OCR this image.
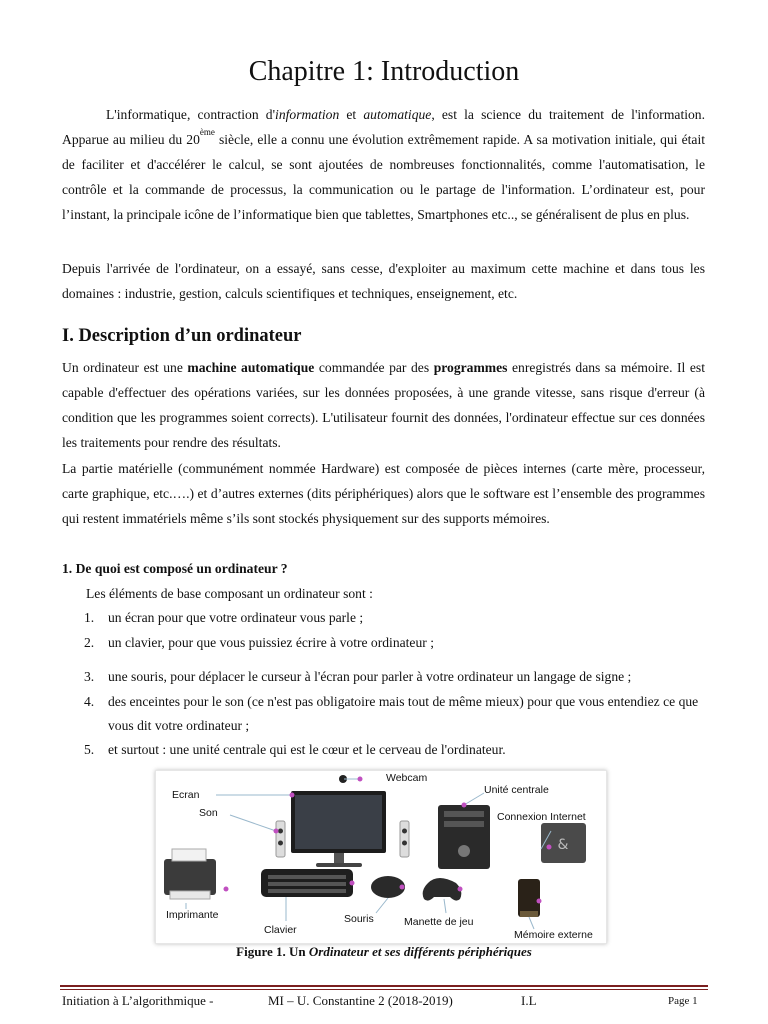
Chapitre 1: Introduction
L'informatique, contraction d'information et automatique, est la science du traitement de l'information. Apparue au milieu du 20ème siècle, elle a connu une évolution extrêmement rapide. A sa motivation initiale, qui était de faciliter et d'accélérer le calcul, se sont ajoutées de nombreuses fonctionnalités, comme l'automatisation, le contrôle et la commande de processus, la communication ou le partage de l'information. L’ordinateur est, pour l’instant, la principale icône de l’informatique bien que tablettes, Smartphones etc.., se généralisent de plus en plus.
Depuis l'arrivée de l'ordinateur, on a essayé, sans cesse, d'exploiter au maximum cette machine et dans tous les domaines : industrie, gestion, calculs scientifiques et techniques, enseignement, etc.
I. Description d’un ordinateur
Un ordinateur est une machine automatique commandée par des programmes enregistrés dans sa mémoire. Il est capable d'effectuer des opérations variées, sur les données proposées, à une grande vitesse, sans risque d'erreur (à condition que les programmes soient corrects). L'utilisateur fournit des données, l'ordinateur effectue sur ces données les traitements pour rendre des résultats.
La partie matérielle (communément nommée Hardware) est composée de pièces internes (carte mère, processeur, carte graphique, etc.….) et d’autres externes (dits périphériques) alors que le software est l’ensemble des programmes qui restent immatériels même s’ils sont stockés physiquement sur des supports mémoires.
1. De quoi est composé un ordinateur ?
Les éléments de base composant un ordinateur sont :
1.	un écran pour que votre ordinateur vous parle ;
2.	un clavier, pour que vous puissiez écrire à votre ordinateur ;
3.	une souris, pour déplacer le curseur à l'écran pour parler à votre ordinateur un langage de signe ;
4.	des enceintes pour le son (ce n'est pas obligatoire mais tout de même mieux) pour que vous entendiez ce que vous dit votre ordinateur ;
5.	et surtout : une unité centrale qui est le cœur et le cerveau de l'ordinateur.
&
Ecran
Son
Webcam
Unité centrale
Connexion Internet
Imprimante
Clavier
Souris	Manette de jeu
Mémoire externe
Figure 1. Un Ordinateur et ses différents périphériques
Initiation à L’algorithmique -	MI – U. Constantine 2 (2018-2019)	I.L	Page 1
